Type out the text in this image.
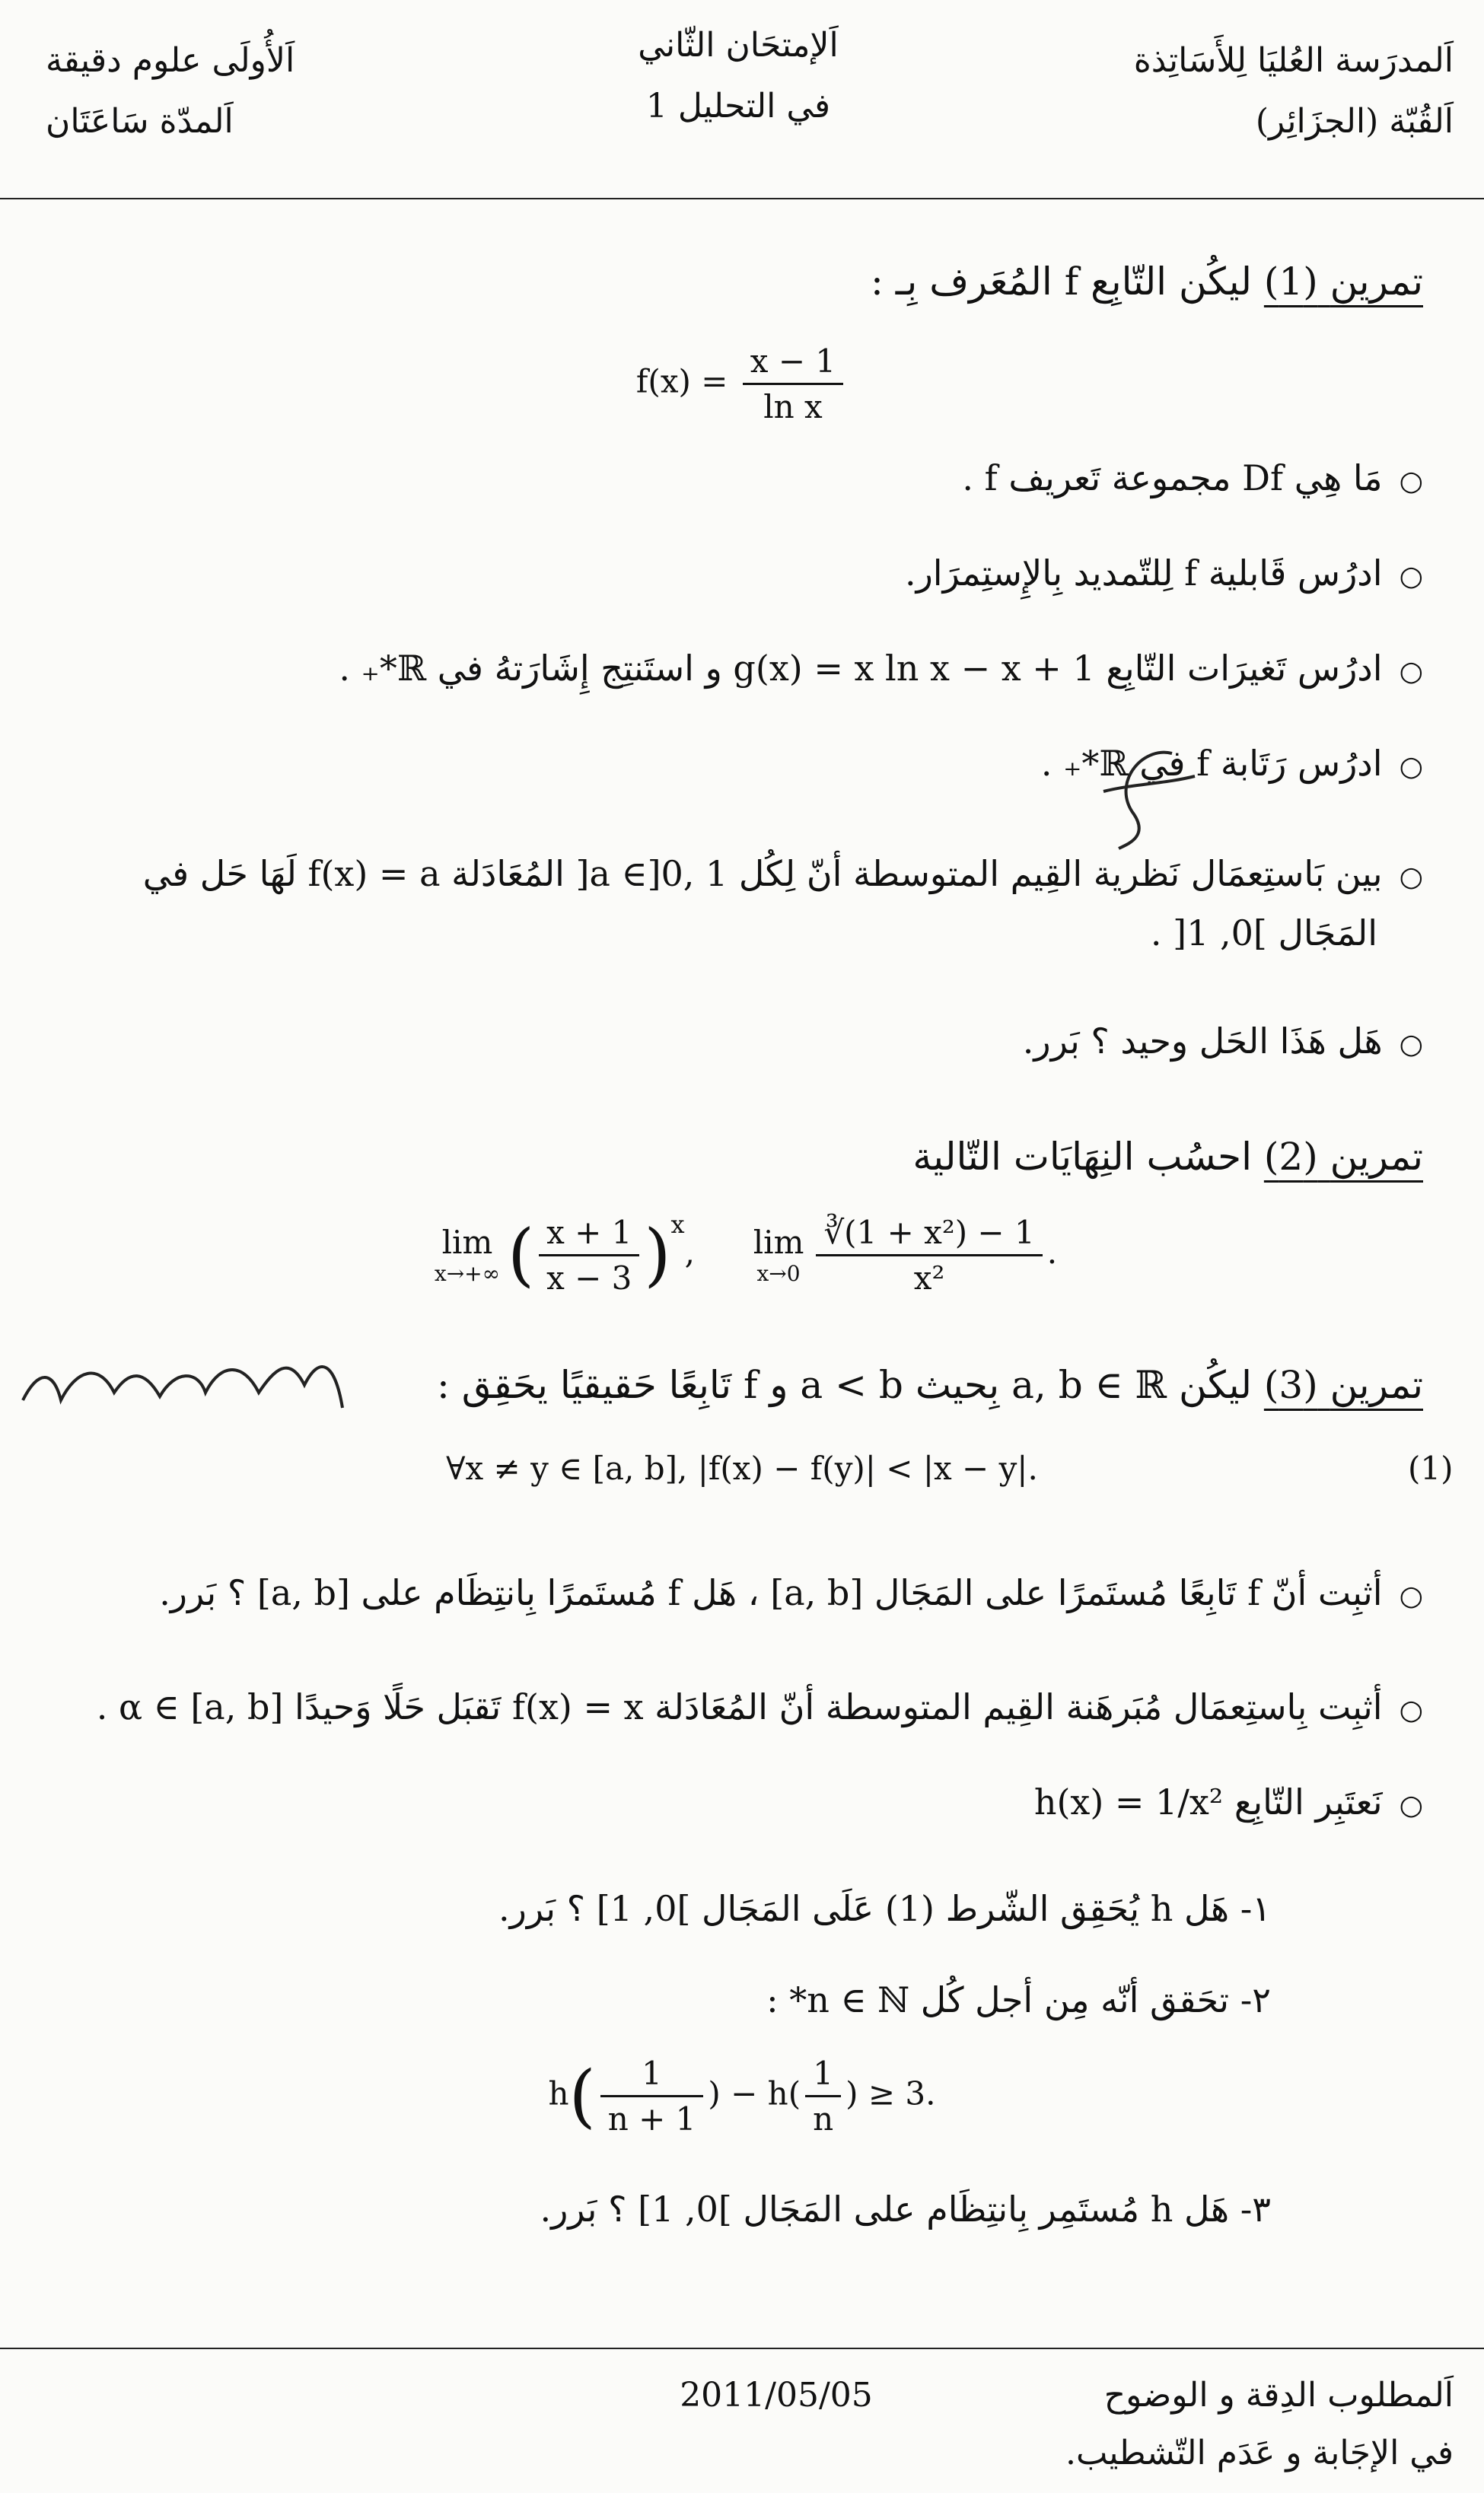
اَلمدرَسة العُليَا لِلأَسَاتِذة
اَلقُبّة (الجزَائِر)
اَلإمتحَان الثّاني
في التحليل 1
اَلأُولَى علوم دقيقة
اَلمدّة سَاعَتَان
تمرين (1) ليكُن التّابِع f المُعَرف بِـ :
$f(x) = \frac{x - 1}{\text{ln x}}$
○مَا هِي Df مجموعة تَعريف f .
○ادرُس قَابلية f لِلتّمديد بِالإِستِمرَار.
○ادرُس تَغيرَات التّابِع g(x) = x ln x − x + 1 و استَنتِج إِشَارَتهُ في ℝ*₊ .
○ادرُس رَتَابة f في ℝ*₊ .
○بين بَاستِعمَال نَظرية القِيم المتوسطة أنّ لِكُل a ∈]0, 1[ المُعَادَلة f(x) = a لَهَا حَل في
المَجَال ]0, 1[ .
○هَل هَذَا الحَل وحيد ؟ بَرر.
تمرين (2) احسُب النِهَايَات التّالية
lim
x→+∞ ( $\frac{x + 1}{x - 3} )^x$,     lim
$x\to 0 \frac{\text{∛(1 + x²) − 1}}{\text{x²}}$ .
تمرين (3) ليكُن a, b ∈ ℝ بِحيث a < b و f تَابِعًا حَقيقيًا يحَقِق :
∀x ≠ y ∈ [a, b], |f(x) − f(y)| < |x − y|.	(1)
○أثبِت أنّ f تَابِعًا مُستَمرًا على المَجَال [a, b] ، هَل f مُستَمرًا بِانتِظَام على [a, b] ؟ بَرر.
○أثبِت بِاستِعمَال مُبَرهَنة القِيم المتوسطة أنّ المُعَادَلة f(x) = x تَقبَل حَلًا وَحيدًا α ∈ [a, b] .
○نَعتَبِر التّابِع h(x) = 1/x²
١- هَل h يُحَقِق الشّرط (1) عَلَى المَجَال ]0, 1] ؟ بَرر.
٢- تحَقق أنّه مِن أجل كُل n ∈ ℕ* :
$h( \frac{1}{n + 1}$ ) − $h( \frac{1}{n}$ ) ≥ 3.
٣- هَل h مُستَمِر بِانتِظَام على المَجَال ]0, 1] ؟ بَرر.
اَلمطلوب الدِقة و الوضوح
في الإجَابة و عَدَم التّشطيب.
2011/05/05
